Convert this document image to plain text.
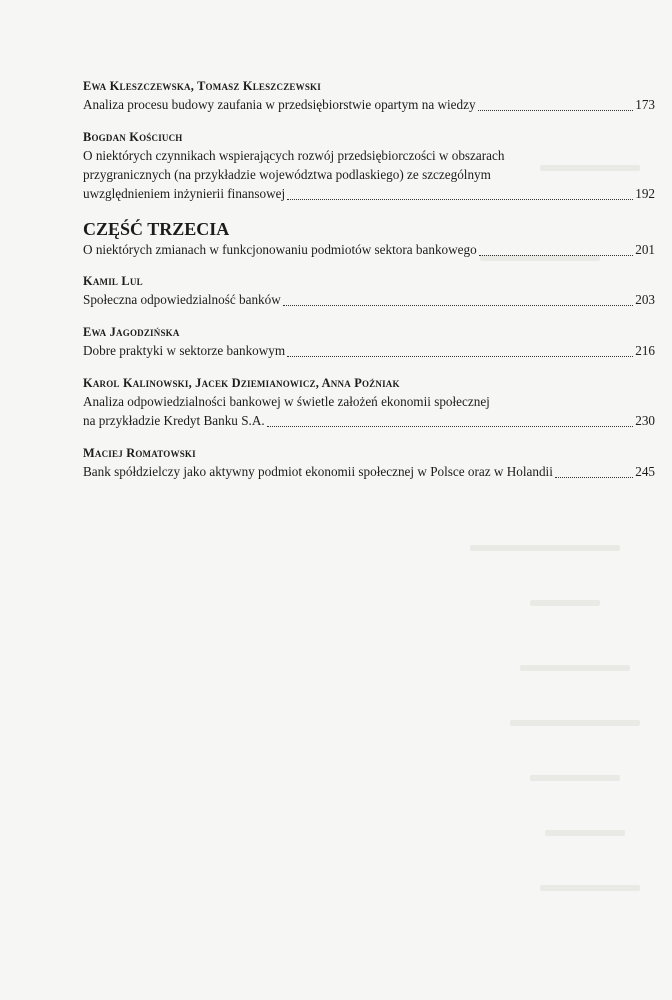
Ewa Kleszczewska, Tomasz Kleszczewski
Analiza procesu budowy zaufania w przedsiębiorstwie opartym na wiedzy	173
Bogdan Kościuch
O niektórych czynnikach wspierających rozwój przedsiębiorczości w obszarach
przygranicznych (na przykładzie województwa podlaskiego) ze szczególnym
uwzględnieniem inżynierii finansowej	192
CZĘŚĆ TRZECIA
O niektórych zmianach w funkcjonowaniu podmiotów sektora bankowego	201
Kamil Lul
Społeczna odpowiedzialność banków	203
Ewa Jagodzińska
Dobre praktyki w sektorze bankowym	216
Karol Kalinowski, Jacek Dziemianowicz, Anna Poźniak
Analiza odpowiedzialności bankowej w świetle założeń ekonomii społecznej
na przykładzie Kredyt Banku S.A.	230
Maciej Romatowski
Bank spółdzielczy jako aktywny podmiot ekonomii społecznej w Polsce oraz w Holandii	245
